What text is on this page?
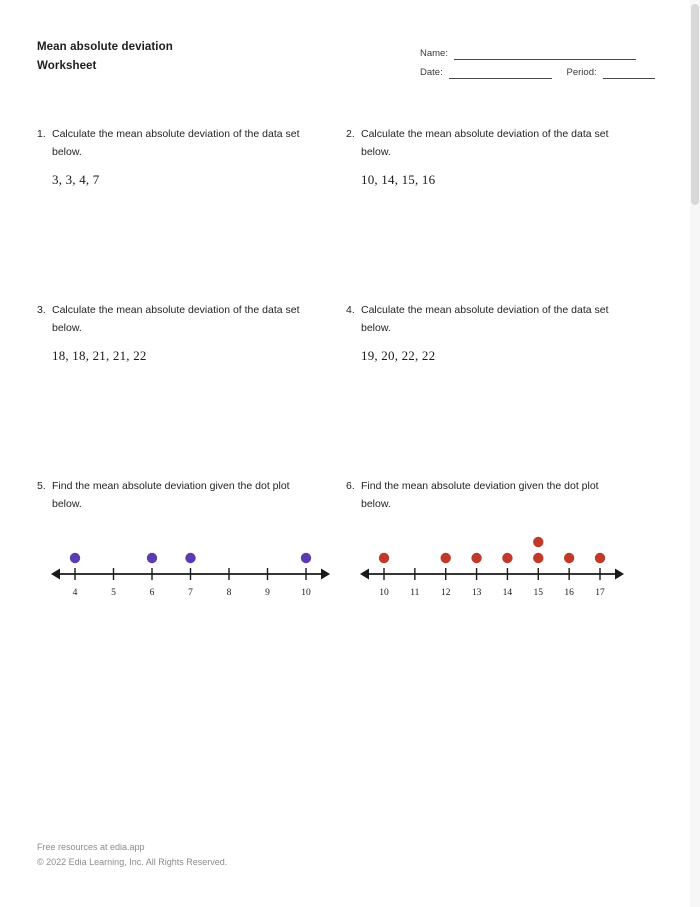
Mean absolute deviation
Worksheet
Name:
Date:	Period:
1. Calculate the mean absolute deviation of the data set below.
3, 3, 4, 7
2. Calculate the mean absolute deviation of the data set below.
10, 14, 15, 16
3. Calculate the mean absolute deviation of the data set below.
18, 18, 21, 21, 22
4. Calculate the mean absolute deviation of the data set below.
19, 20, 22, 22
5. Find the mean absolute deviation given the dot plot below.
4	5	6	7	8	9	10
6. Find the mean absolute deviation given the dot plot below.
10 11 12 13 14 15 16 17
Free resources at edia.app
© 2022 Edia Learning, Inc. All Rights Reserved.
